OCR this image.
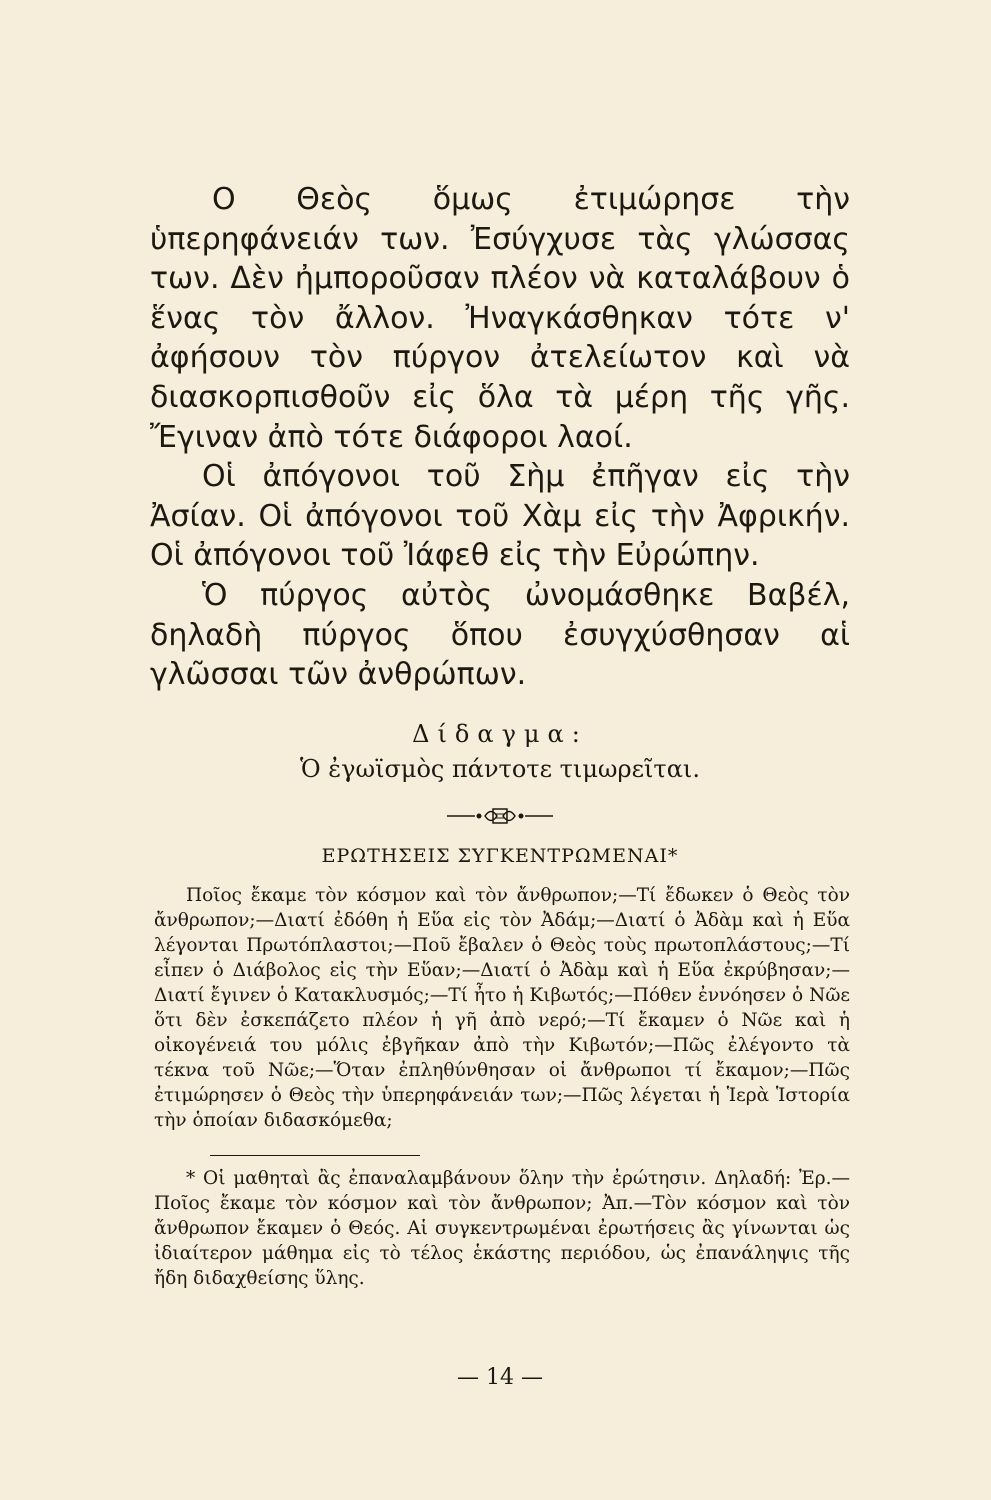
Ο Θεὸς ὅμως ἐτιμώρησε τὴν ὑπερηφάνειάν των. Ἐσύγχυσε τὰς γλώσσας των. Δὲν ἠμποροῦσαν πλέον νὰ καταλάβουν ὁ ἕνας τὸν ἄλλον. Ἠναγκάσθηκαν τότε ν' ἀφήσουν τὸν πύργον ἀτελείωτον καὶ νὰ διασκορπισθοῦν εἰς ὅλα τὰ μέρη τῆς γῆς. Ἔγιναν ἀπὸ τότε διάφοροι λαοί.
Οἱ ἀπόγονοι τοῦ Σὴμ ἐπῆγαν εἰς τὴν Ἀσίαν. Οἱ ἀπόγονοι τοῦ Χὰμ εἰς τὴν Ἀφρικήν. Οἱ ἀπόγονοι τοῦ Ἰάφεθ εἰς τὴν Εὐρώπην.
Ὁ πύργος αὐτὸς ὠνομάσθηκε Βαβέλ, δηλαδὴ πύργος ὅπου ἐσυγχύσθησαν αἱ γλῶσσαι τῶν ἀνθρώπων.
Δίδαγμα:
Ὁ ἐγωϊσμὸς πάντοτε τιμωρεῖται.
ΕΡΩΤΗΣΕΙΣ ΣΥΓΚΕΝΤΡΩΜΕΝΑΙ*
Ποῖος ἔκαμε τὸν κόσμον καὶ τὸν ἄνθρωπον;—Τί ἔδωκεν ὁ Θεὸς τὸν ἄνθρωπον;—Διατί ἐδόθη ἡ Εὕα εἰς τὸν Ἀδάμ;—Διατί ὁ Ἀδὰμ καὶ ἡ Εὕα λέγονται Πρωτόπλαστοι;—Ποῦ ἔβαλεν ὁ Θεὸς τοὺς πρωτοπλάστους;—Τί εἶπεν ὁ Διάβολος εἰς τὴν Εὕαν;—Διατί ὁ Ἀδὰμ καὶ ἡ Εὕα ἐκρύβησαν;—Διατί ἔγινεν ὁ Κατακλυσμός;—Τί ἦτο ἡ Κιβωτός;—Πόθεν ἐννόησεν ὁ Νῶε ὅτι δὲν ἐσκεπάζετο πλέον ἡ γῆ ἀπὸ νερό;—Τί ἔκαμεν ὁ Νῶε καὶ ἡ οἰκογένειά του μόλις ἐβγῆκαν ἀπὸ τὴν Κιβωτόν;—Πῶς ἐλέγοντο τὰ τέκνα τοῦ Νῶε;—Ὅταν ἐπληθύνθησαν οἱ ἄνθρωποι τί ἔκαμον;—Πῶς ἐτιμώρησεν ὁ Θεὸς τὴν ὑπερηφάνειάν των;—Πῶς λέγεται ἡ Ἱερὰ Ἱστορία τὴν ὁποίαν διδασκόμεθα;
* Οἱ μαθηταὶ ἂς ἐπαναλαμβάνουν ὅλην τὴν ἐρώτησιν. Δηλαδή: Ἐρ.—Ποῖος ἔκαμε τὸν κόσμον καὶ τὸν ἄνθρωπον; Ἀπ.—Τὸν κόσμον καὶ τὸν ἄνθρωπον ἔκαμεν ὁ Θεός. Αἱ συγκεντρωμέναι ἐρωτήσεις ἂς γίνωνται ὡς ἰδιαίτερον μάθημα εἰς τὸ τέλος ἑκάστης περιόδου, ὡς ἐπανάληψις τῆς ἤδη διδαχθείσης ὕλης.
— 14 —
